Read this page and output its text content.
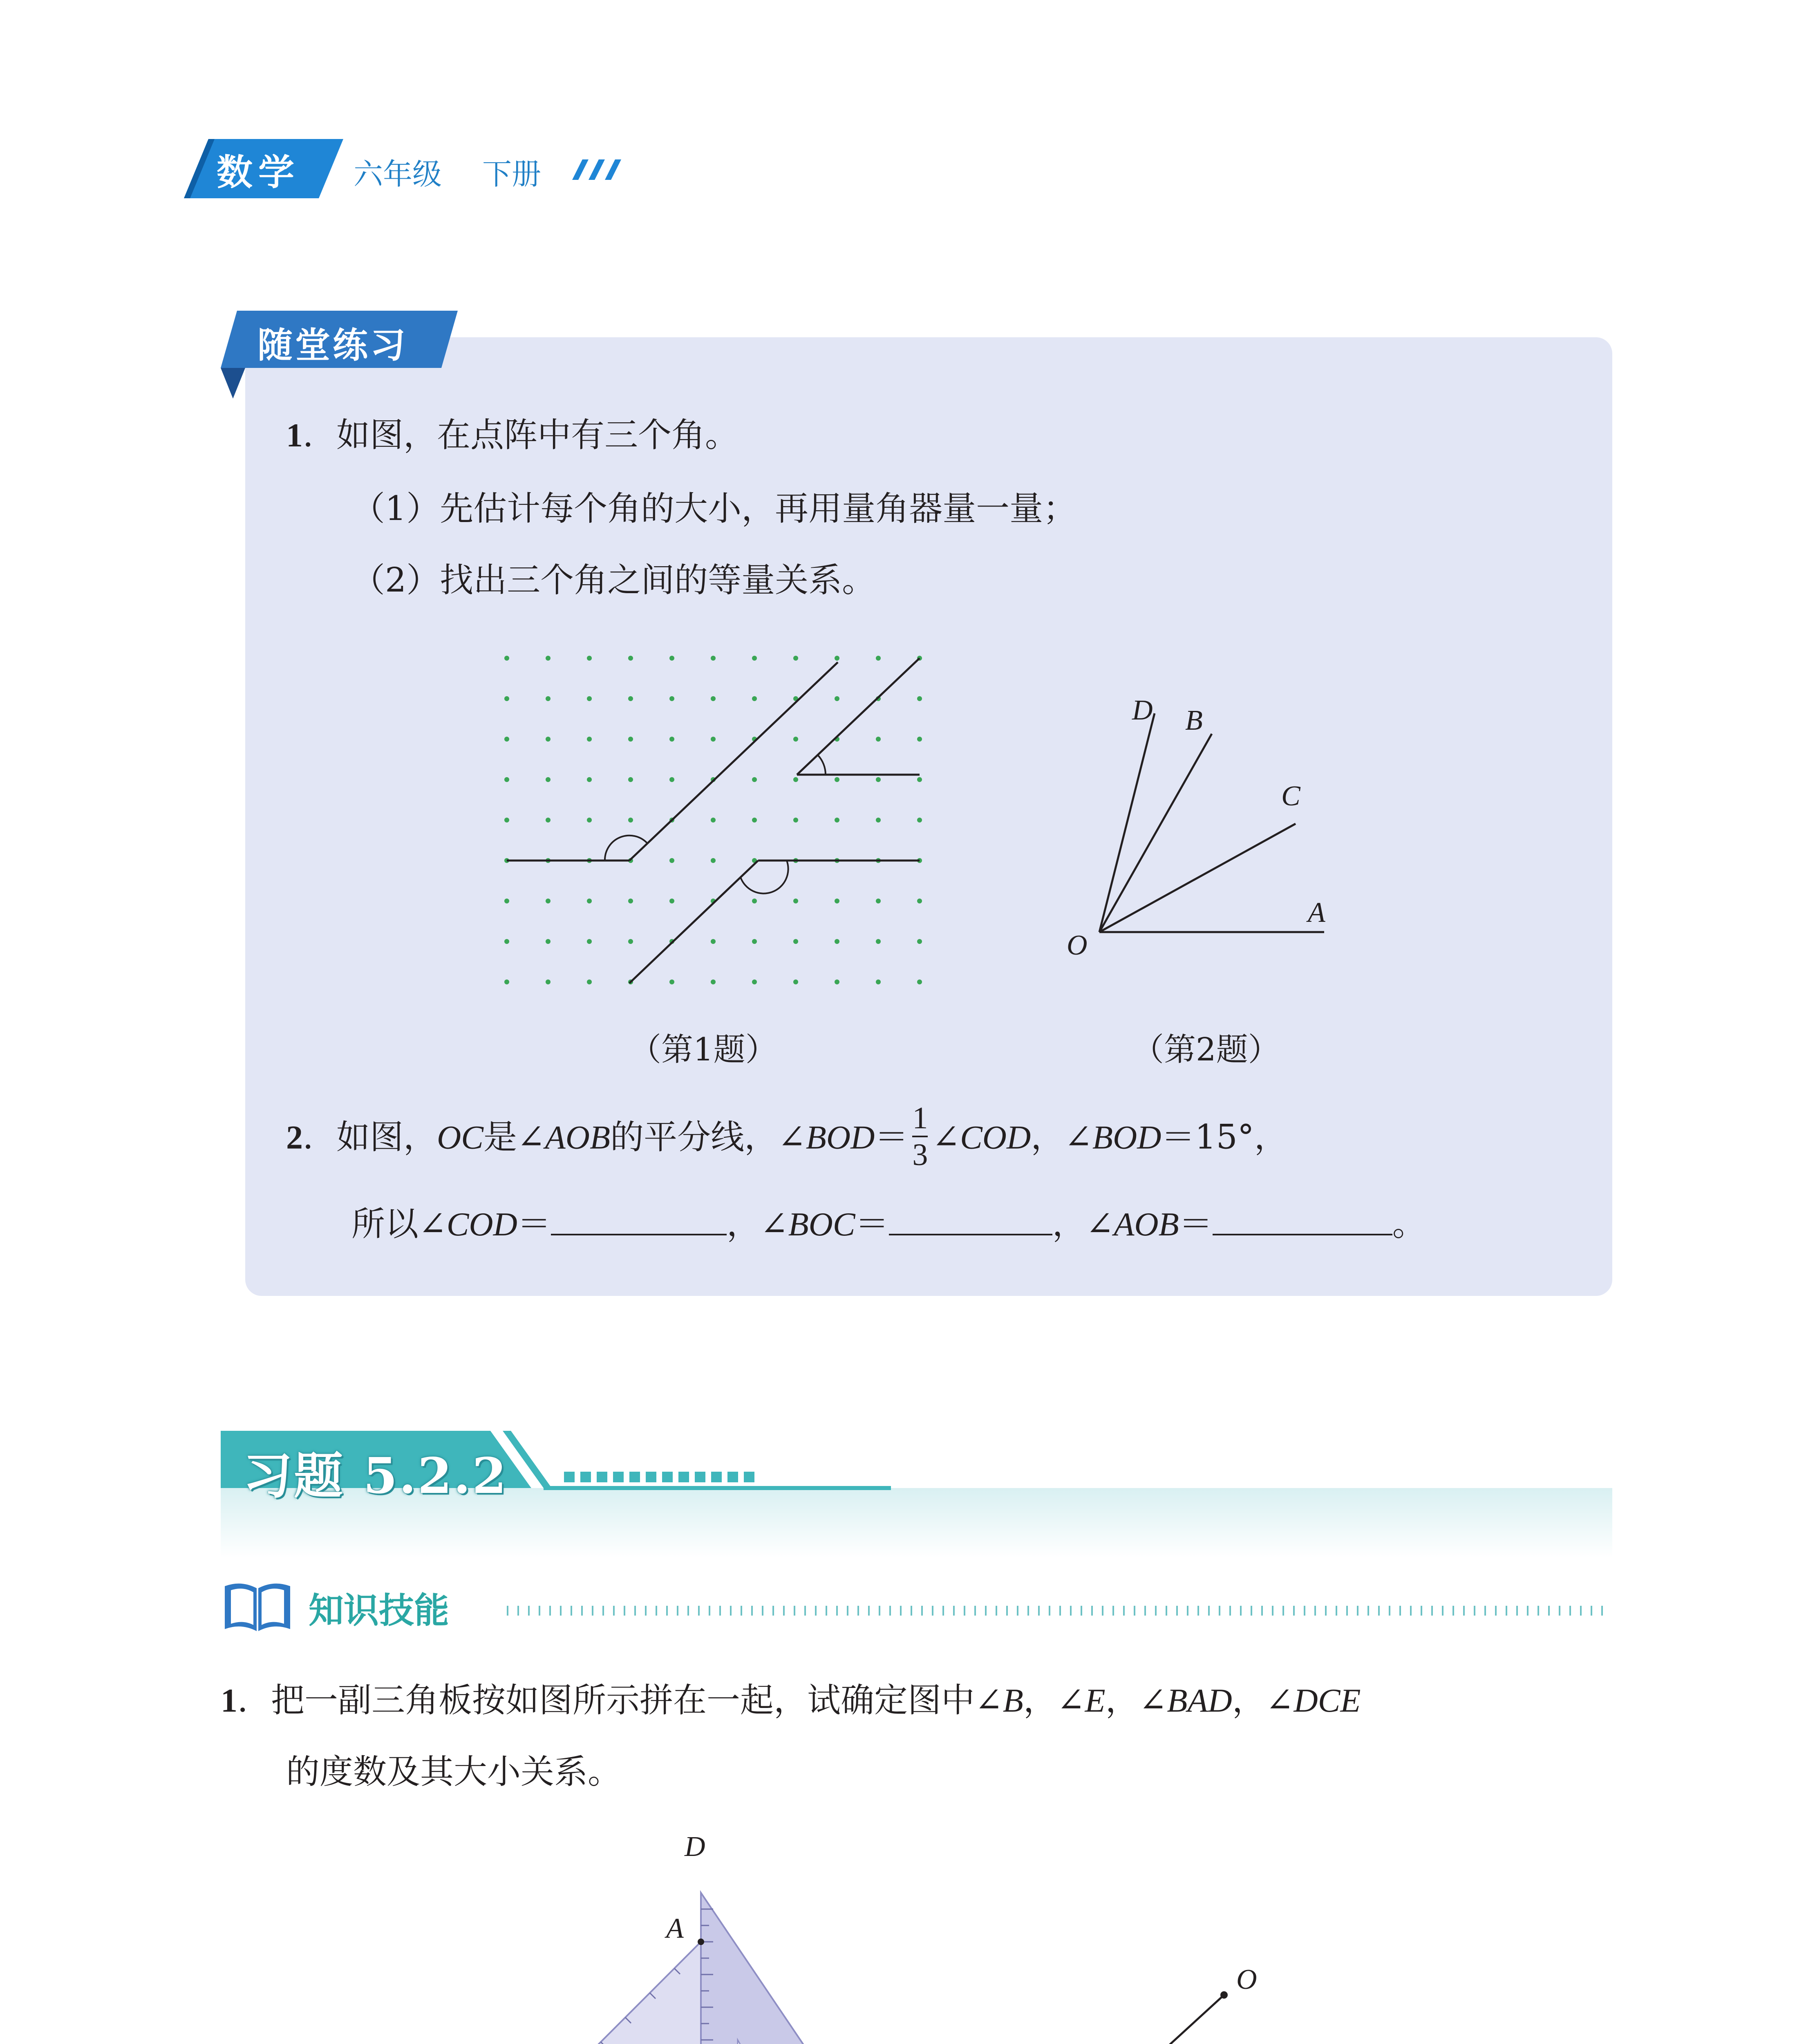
数学 六年级 下册
随堂练习
1．如图，在点阵中有三个角。
（1）先估计每个角的大小，再用量角器量一量；
（2）找出三个角之间的等量关系。
D B
C
A
O
（第1题）	（第2题）
2．如图，OC是∠AOB的平分线，∠BOD＝ $\frac{1}{3}$ ∠COD，∠BOD＝15°，
所以∠COD＝	，∠BOC＝	，∠AOB＝	。
习题 5.2.2
知识技能
1．把一副三角板按如图所示拼在一起，试确定图中∠B，∠E，∠BAD，∠DCE
的度数及其大小关系。
D
A
O
